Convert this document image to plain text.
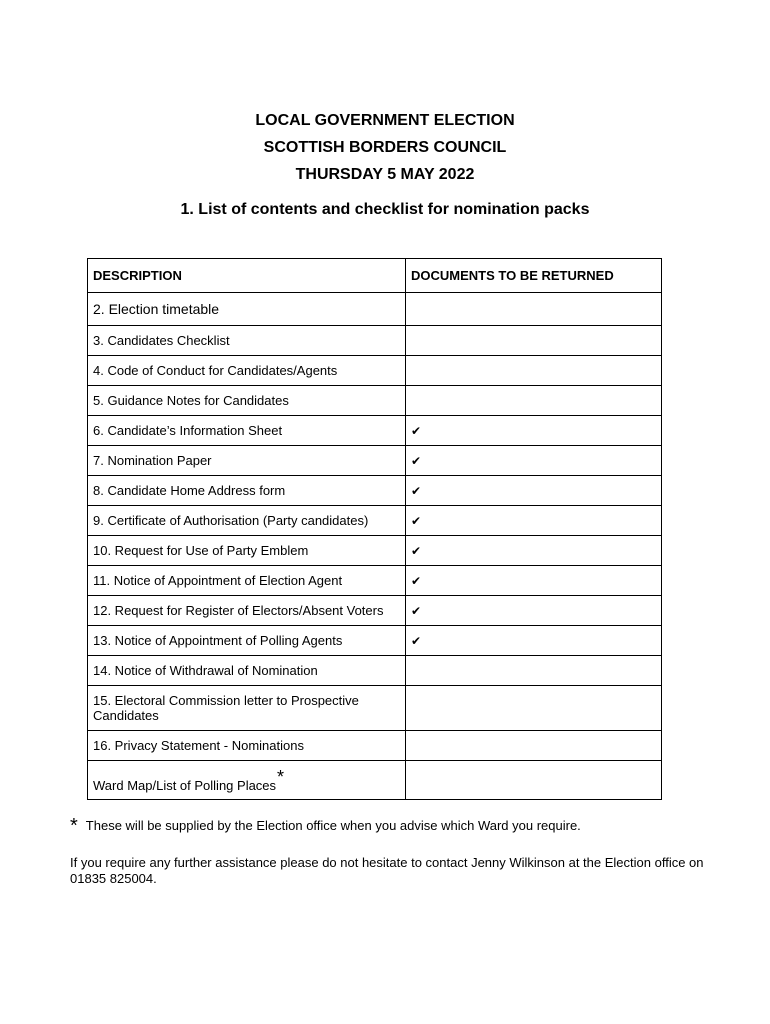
LOCAL GOVERNMENT ELECTION
SCOTTISH BORDERS COUNCIL
THURSDAY 5 MAY 2022
1. List of contents and checklist for nomination packs
DESCRIPTION	DOCUMENTS TO BE RETURNED
2. Election timetable	
3. Candidates Checklist	
4. Code of Conduct for Candidates/Agents	
5. Guidance Notes for Candidates	
6. Candidate’s Information Sheet	✔
7. Nomination Paper	✔
8. Candidate Home Address form	✔
9. Certificate of Authorisation (Party candidates)	✔
10. Request for Use of Party Emblem	✔
11. Notice of Appointment of Election Agent	✔
12. Request for Register of Electors/Absent Voters	✔
13. Notice of Appointment of Polling Agents	✔
14. Notice of Withdrawal of Nomination	
15. Electoral Commission letter to Prospective Candidates	
16. Privacy Statement - Nominations	
Ward Map/List of Polling Places*	
* These will be supplied by the Election office when you advise which Ward you require.
If you require any further assistance please do not hesitate to contact Jenny Wilkinson at the Election office on 01835 825004.
